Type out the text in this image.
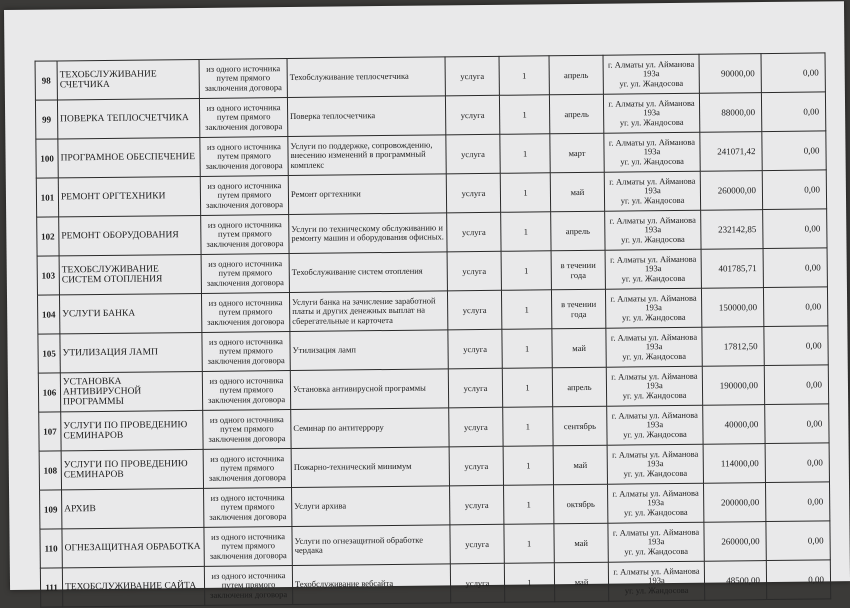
98	ТЕХОБСЛУЖИВАНИЕ СЧЕТЧИКА	из одного источника путем прямого заключения договора	Техобслуживание теплосчетчика	услуга	1	апрель	г. Алматы ул. Айманова
193а
уг. ул. Жандосова	90000,00	0,00
99	ПОВЕРКА ТЕПЛОСЧЕТЧИКА	из одного источника путем прямого заключения договора	Поверка теплосчетчика	услуга	1	апрель	г. Алматы ул. Айманова
193а
уг. ул. Жандосова	88000,00	0,00
100	ПРОГРАМНОЕ ОБЕСПЕЧЕНИЕ	из одного источника путем прямого заключения договора	Услуги по поддержке, сопровождению, внесению изменений в программный комплекс	услуга	1	март	г. Алматы ул. Айманова
193а
уг. ул. Жандосова	241071,42	0,00
101	РЕМОНТ ОРГТЕХНИКИ	из одного источника путем прямого заключения договора	Ремонт оргтехники	услуга	1	май	г. Алматы ул. Айманова
193а
уг. ул. Жандосова	260000,00	0,00
102	РЕМОНТ ОБОРУДОВАНИЯ	из одного источника путем прямого заключения договора	Услуги по техническому обслуживанию и ремонту машин и оборудования офисных.	услуга	1	апрель	г. Алматы ул. Айманова
193а
уг. ул. Жандосова	232142,85	0,00
103	ТЕХОБСЛУЖИВАНИЕ СИСТЕМ ОТОПЛЕНИЯ	из одного источника путем прямого заключения договора	Техобслуживание систем отопления	услуга	1	в течении года	г. Алматы ул. Айманова
193а
уг. ул. Жандосова	401785,71	0,00
104	УСЛУГИ БАНКА	из одного источника путем прямого заключения договора	Услуги банка на зачисление заработной платы и других денежных выплат на сберегательные и карточета	услуга	1	в течении года	г. Алматы ул. Айманова
193а
уг. ул. Жандосова	150000,00	0,00
105	УТИЛИЗАЦИЯ ЛАМП	из одного источника путем прямого заключения договора	Утилизация ламп	услуга	1	май	г. Алматы ул. Айманова
193а
уг. ул. Жандосова	17812,50	0,00
106	УСТАНОВКА АНТИВИРУСНОЙ ПРОГРАММЫ	из одного источника путем прямого заключения договора	Установка антивирусной программы	услуга	1	апрель	г. Алматы ул. Айманова
193а
уг. ул. Жандосова	190000,00	0,00
107	УСЛУГИ ПО ПРОВЕДЕНИЮ СЕМИНАРОВ	из одного источника путем прямого заключения договора	Семинар по антитеррору	услуга	1	сентябрь	г. Алматы ул. Айманова
193а
уг. ул. Жандосова	40000,00	0,00
108	УСЛУГИ ПО ПРОВЕДЕНИЮ СЕМИНАРОВ	из одного источника путем прямого заключения договора	Пожарно-технический минимум	услуга	1	май	г. Алматы ул. Айманова
193а
уг. ул. Жандосова	114000,00	0,00
109	АРХИВ	из одного источника путем прямого заключения договора	Услуги архива	услуга	1	октябрь	г. Алматы ул. Айманова
193а
уг. ул. Жандосова	200000,00	0,00
110	ОГНЕЗАЩИТНАЯ ОБРАБОТКА	из одного источника путем прямого заключения договора	Услуги по огнезащитной обработке чердака	услуга	1	май	г. Алматы ул. Айманова
193а
уг. ул. Жандосова	260000,00	0,00
111	ТЕХОБСЛУЖИВАНИЕ САЙТА	из одного источника путем прямого заключения договора	Техобслуживание вебсайта	услуга	1	май	г. Алматы ул. Айманова
193а
уг. ул. Жандосова	48500,00	0,00
